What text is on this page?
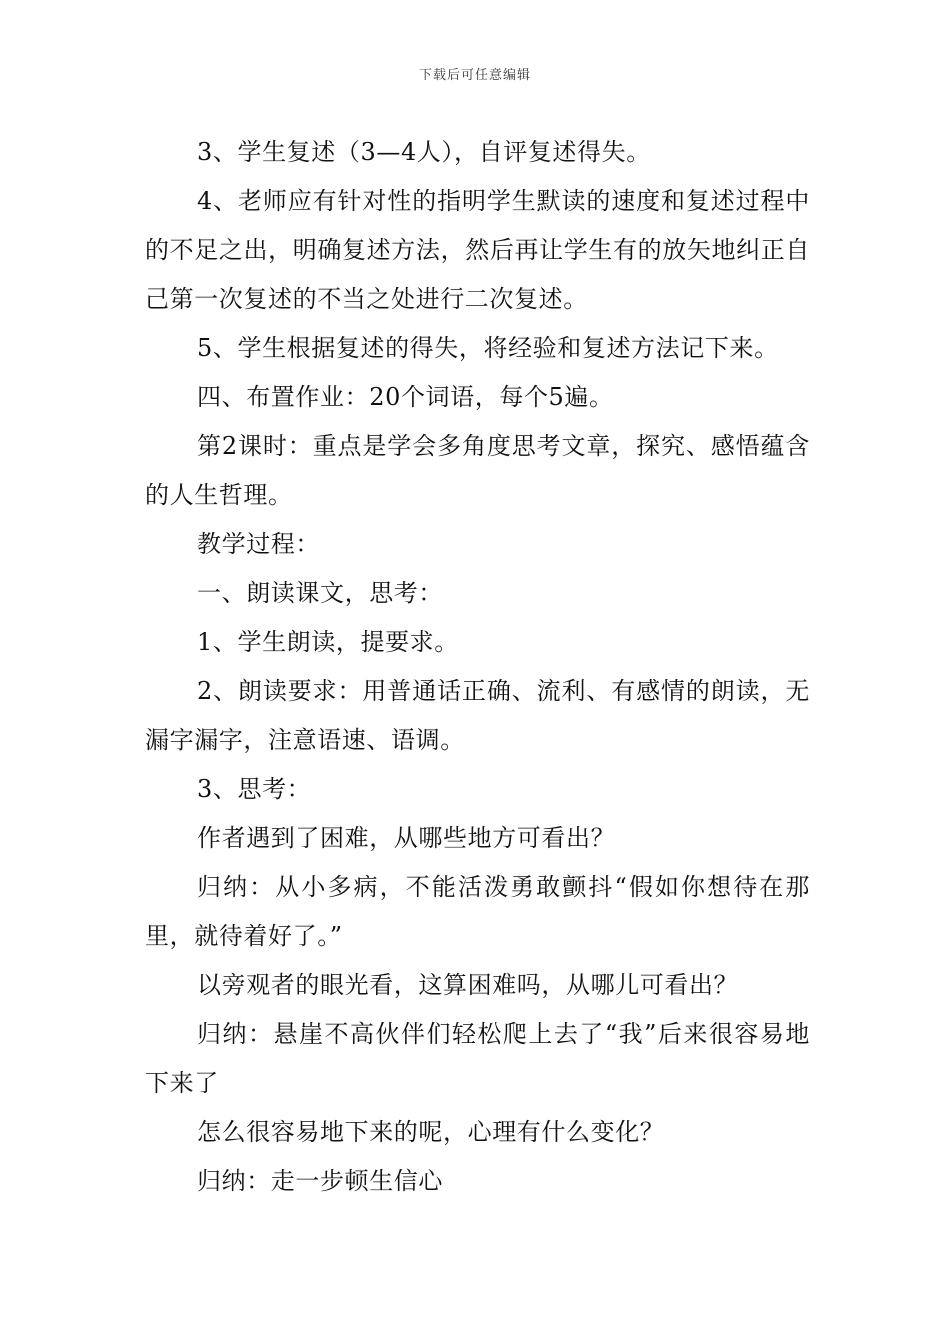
下载后可任意编辑

3、学生复述（3—4人），自评复述得失。

4、老师应有针对性的指明学生默读的速度和复述过程中的不足之出，明确复述方法，然后再让学生有的放矢地纠正自己第一次复述的不当之处进行二次复述。

5、学生根据复述的得失，将经验和复述方法记下来。

四、布置作业：20个词语，每个5遍。

第2课时：重点是学会多角度思考文章，探究、感悟蕴含的人生哲理。

教学过程：

一、朗读课文，思考：

1、学生朗读，提要求。

2、朗读要求：用普通话正确、流利、有感情的朗读，无漏字漏字，注意语速、语调。

3、思考：

作者遇到了困难，从哪些地方可看出？

归纳：从小多病，不能活泼勇敢颤抖“假如你想待在那里，就待着好了。”

以旁观者的眼光看，这算困难吗，从哪儿可看出？

归纳：悬崖不高伙伴们轻松爬上去了“我”后来很容易地下来了

怎么很容易地下来的呢，心理有什么变化？

归纳：走一步顿生信心
